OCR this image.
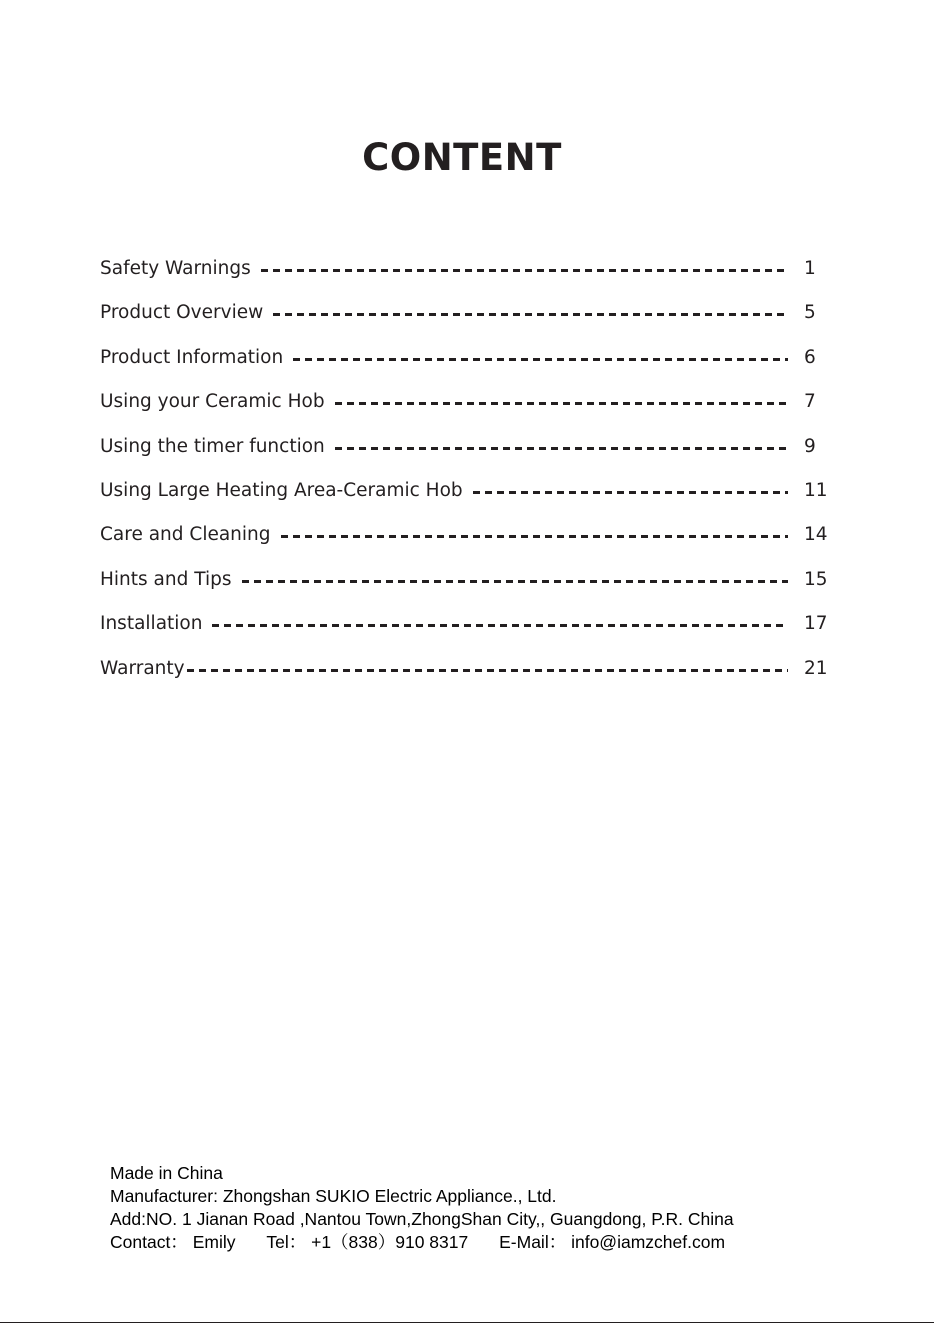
CONTENT
Safety Warnings	1
Product Overview	5
Product Information	6
Using your Ceramic Hob	7
Using the timer function	9
Using Large Heating Area-Ceramic Hob	11
Care and Cleaning	14
Hints and Tips	15
Installation	17
Warranty	21
Made in China
Manufacturer: Zhongshan SUKIO Electric Appliance., Ltd.
Add:NO. 1 Jianan Road ,Nantou Town,ZhongShan City,, Guangdong, P.R. China
Contact： Emily Tel： +1（838）910 8317 E-Mail： info@iamzchef.com
